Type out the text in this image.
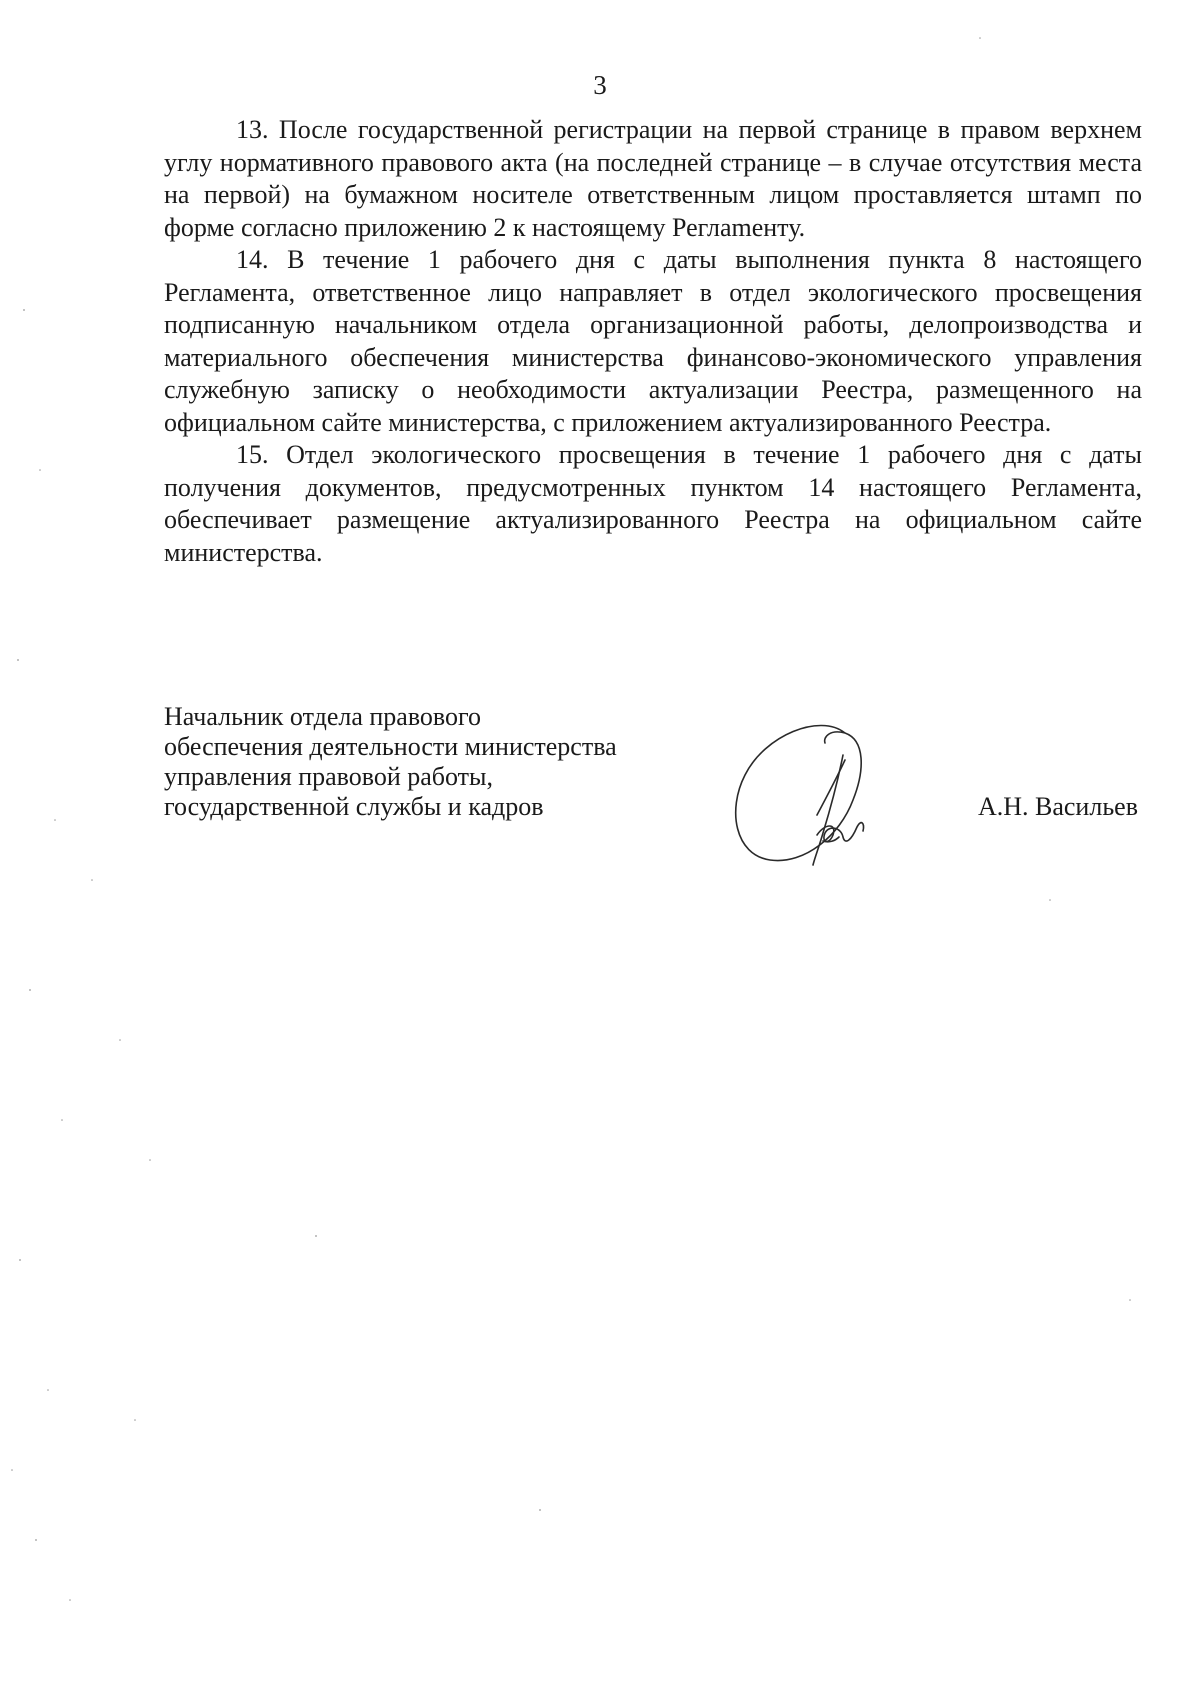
3

13. После государственной регистрации на первой странице в правом верхнем углу нормативного правового акта (на последней странице – в случае отсутствия места на первой) на бумажном носителе ответственным лицом проставляется штамп по форме согласно приложению 2 к настоящему Реглаmенту.

14. В течение 1 рабочего дня с даты выполнения пункта 8 настоящего Регламента, ответственное лицо направляет в отдел экологического просвещения подписанную начальником отдела организационной работы, делопроизводства и материального обеспечения министерства финансово-экономического управления служебную записку о необходимости актуализации Реестра, размещенного на официальном сайте министерства, с приложением актуализированного Реестра.

15. Отдел экологического просвещения в течение 1 рабочего дня с даты получения документов, предусмотренных пунктом 14 настоящего Регламента, обеспечивает размещение актуализированного Реестра на официальном сайте министерства.

Начальник отдела правового
обеспечения деятельности министерства
управления правовой работы,
государственной службы и кадров	А.Н. Васильев
